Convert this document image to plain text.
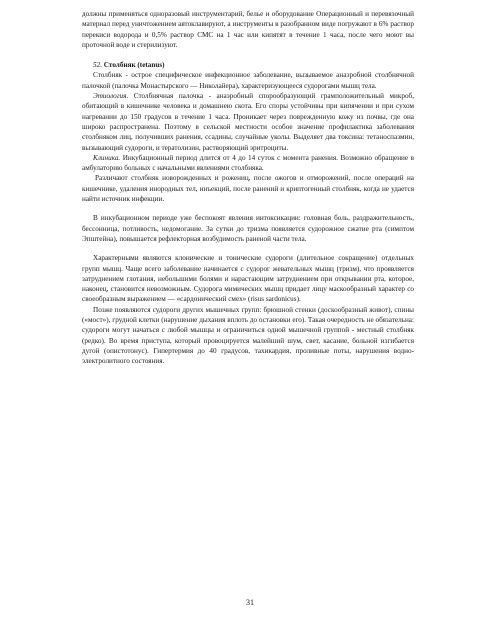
должны применяться одноразовый инструментарий, белье и оборудование Операционный и перевязочный материал перед уничтожением автоклавируют, а инструменты в разобранном виде погружают в 6% раствор перекиси водорода и 0,5% раствор СМС на 1 час или кипятят в течение 1 часа, после чего моют вы проточной воде и стерилизуют.

52. Столбняк (tetanus)

Столбняк - острое специфическое инфекционное заболевание, вызываемое анаэробной столбнячной палочкой (палочка Монастырского — Николайера), характеризующееся судорогами мышц тела.

Этиология. Столбнячная палочка - анаэробный спорообразующий грамположительный микроб, обитающий в кишечнике человека и домашнею скота. Его споры устойчивы при кипячении и при сухом нагревании до 150 градусов в течение 1 часа. Проникает через поврежденную кожу из почвы, где она широко распространена. Поэтому в сельской местности особое значение профилактика заболевания столбняком лиц, получивших ранения, ссадины, случайные уколы. Выделяет два токсина: тетаноспазмин, вызывающий судороги, и тератолизин, растворяющий эритроциты.

Клиника. Инкубационный период длится от 4 до 14 суток с момента ранения. Возможно обращение в амбулаторию больных с начальными явлениями столбняка.

Различают столбняк новорожденных и рожениц, после ожогов и отморожений, после операций на кишечнике, удаления инородных тел, инъекций, после ранений и криптогенный столбняк, когда не удается найти источник инфекции.

В инкубационном периоде уже беспокоят явления интоксикации: головная боль, раздражительность, бессонница, потливость, недомогание. За сутки до тризма появляется судорожное сжатие рта (симптом Эпштейна), повышается рефлекторная возбудимость раненой части тела.

Характерными являются клонические и тонические судороги (длительное сокращение) отдельных групп мышц. Чаще всего заболевание начинается с судорог жевательных мышц (тризм), что проявляется затруднением глотания, небольшими болями и нарастающим затруднением при открывании рта, которое, наконец, становится невозможным. Судорога мимических мышц придает лицу маскообразный характер со своеобразным выражением — «сардонический смех» (risus sardonicus).

Позже появляются судороги других мышечных групп: брюшной стенки (доскообразный живот), спины («мост»), грудной клетки (нарушение дыхания вплоть до остановки его). Такая очередность не обязательна: судороги могут начаться с любой мышцы и ограничиться одной мышечной группой - местный столбняк (редко). Во время приступа, который провоцируется малейший шум, свет, касание, больной изгибается дугой (опистотонус). Гипертермия до 40 градусов, тахикардия, проливные поты, нарушения водно-электролитного состояния.

31
